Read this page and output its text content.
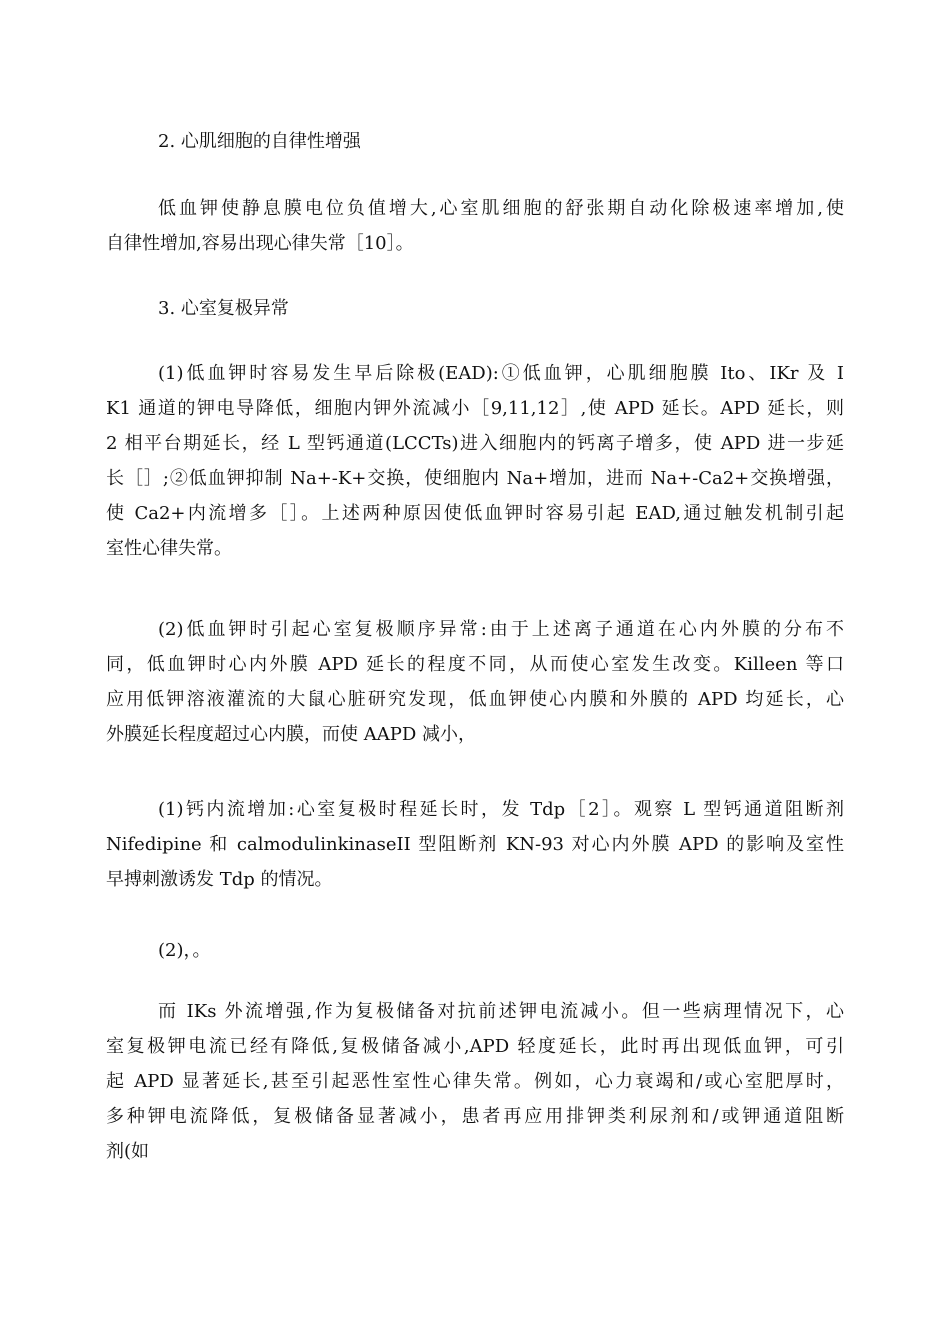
2. 心肌细胞的自律性增强
低血钾使静息膜电位负值增大,心室肌细胞的舒张期自动化除极速率增加,使
自律性增加,容易出现心律失常［10］。
3. 心室复极异常
(1)低血钾时容易发生早后除极(EAD):①低血钾，心肌细胞膜 Ito、IKr 及 I
K1 通道的钾电导降低，细胞内钾外流减小［9,11,12］,使 APD 延长。APD 延长，则
2 相平台期延长，经 L 型钙通道(LCCTs)进入细胞内的钙离子增多，使 APD 进一步延
长［］;②低血钾抑制 Na+-K+交换，使细胞内 Na+增加，进而 Na+-Ca2+交换增强，
使 Ca2+内流增多［］。上述两种原因使低血钾时容易引起 EAD,通过触发机制引起
室性心律失常。
(2)低血钾时引起心室复极顺序异常:由于上述离子通道在心内外膜的分布不
同，低血钾时心内外膜 APD 延长的程度不同，从而使心室发生改变。Killeen 等口
应用低钾溶液灌流的大鼠心脏研究发现，低血钾使心内膜和外膜的 APD 均延长，心
外膜延长程度超过心内膜，而使 AAPD 减小，
(1)钙内流增加:心室复极时程延长时，发 Tdp［2］。观察 L 型钙通道阻断剂
Nifedipine 和 calmodulinkinaseII 型阻断剂 KN-93 对心内外膜 APD 的影响及室性
早搏刺激诱发 Tdp 的情况。
(2)，。
而 IKs 外流增强,作为复极储备对抗前述钾电流减小。但一些病理情况下，心
室复极钾电流已经有降低,复极储备减小,APD 轻度延长，此时再出现低血钾，可引
起 APD 显著延长,甚至引起恶性室性心律失常。例如，心力衰竭和/或心室肥厚时，
多种钾电流降低，复极储备显著减小，患者再应用排钾类利尿剂和/或钾通道阻断
剂(如
